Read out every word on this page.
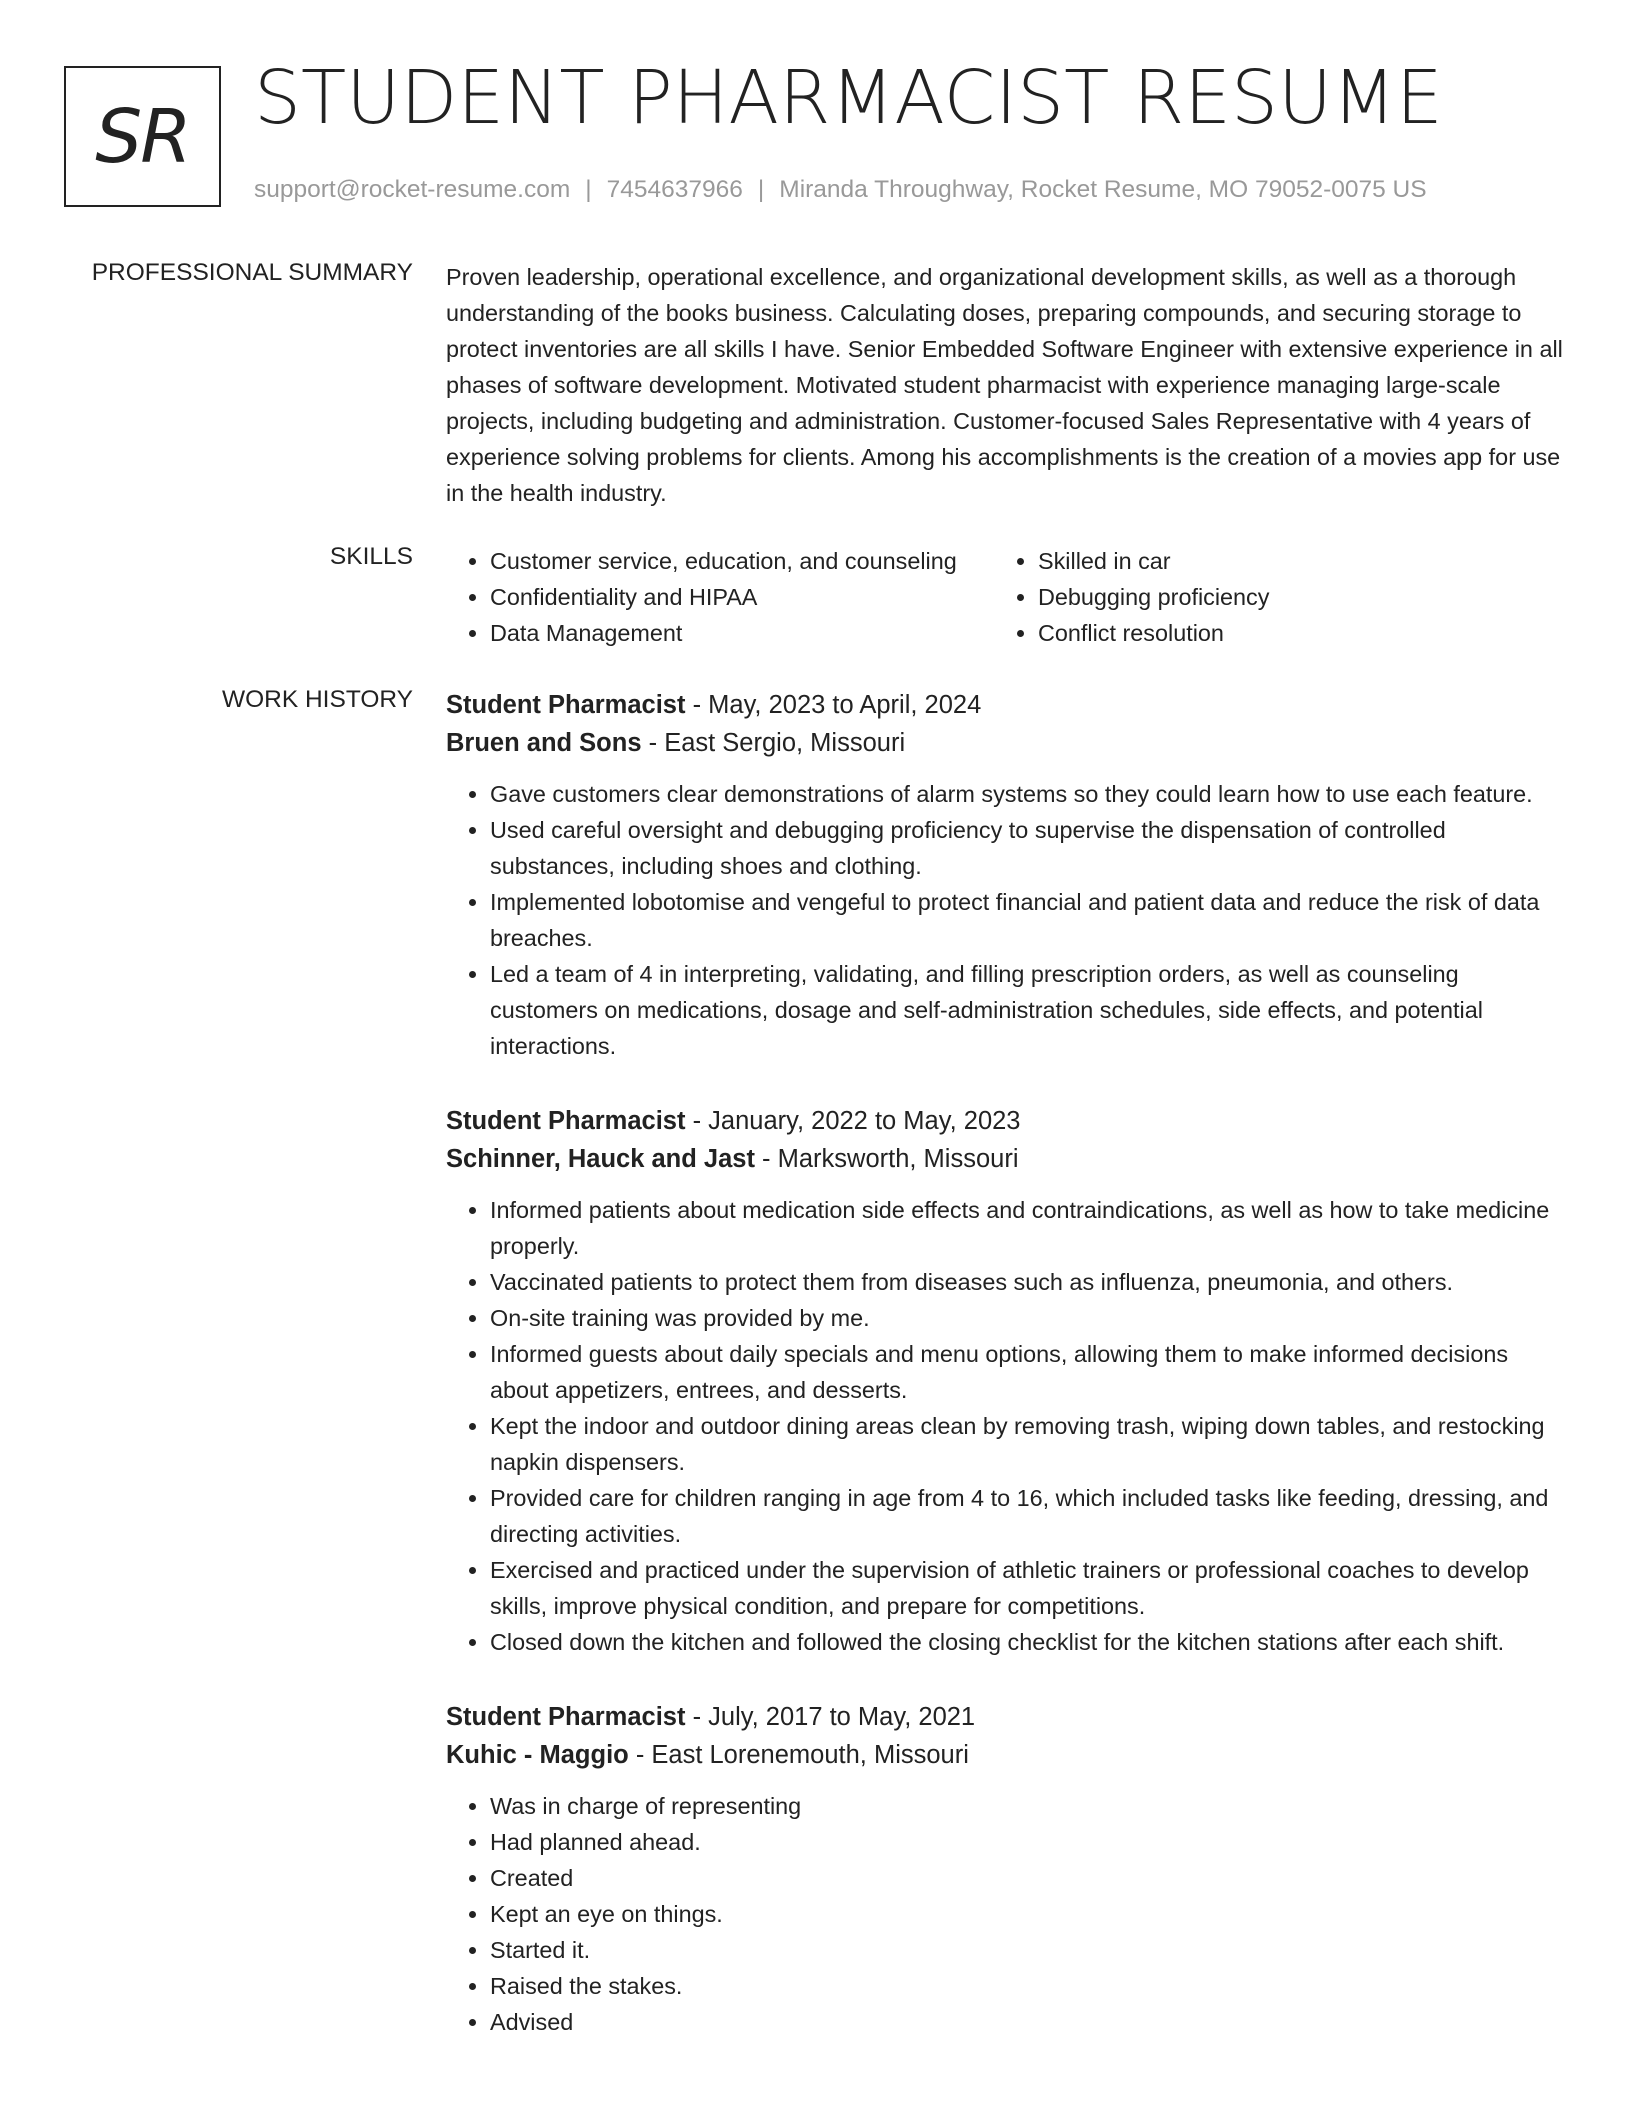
SR STUDENT PHARMACIST RESUME
support@rocket-resume.com | 7454637966 | Miranda Throughway, Rocket Resume, MO 79052-0075 US
PROFESSIONAL SUMMARY Proven leadership, operational excellence, and organizational development skills, as well as a thorough understanding of the books business. Calculating doses, preparing compounds, and securing storage to protect inventories are all skills I have. Senior Embedded Software Engineer with extensive experience in all phases of software development. Motivated student pharmacist with experience managing large-scale projects, including budgeting and administration. Customer-focused Sales Representative with 4 years of experience solving problems for clients. Among his accomplishments is the creation of a movies app for use in the health industry.

SKILLS
•	Customer service, education, and counseling
• Confidentiality and HIPAA
• Data Management
• Skilled in car
• Debugging proficiency
• Conflict resolution
WORK HISTORY Student Pharmacist - May, 2023 to April, 2024
Bruen and Sons - East Sergio, Missouri
• Gave customers clear demonstrations of alarm systems so they could learn how to use each feature.
• Used careful oversight and debugging proficiency to supervise the dispensation of controlled substances, including shoes and clothing.
• Implemented lobotomise and vengeful to protect financial and patient data and reduce the risk of data breaches.
• Led a team of 4 in interpreting, validating, and filling prescription orders, as well as counseling customers on medications, dosage and self-administration schedules, side effects, and potential interactions.
Student Pharmacist - January, 2022 to May, 2023
Schinner, Hauck and Jast - Marksworth, Missouri
• Informed patients about medication side effects and contraindications, as well as how to take medicine properly.
• Vaccinated patients to protect them from diseases such as influenza, pneumonia, and others.
• On-site training was provided by me.
• Informed guests about daily specials and menu options, allowing them to make informed decisions about appetizers, entrees, and desserts.
• Kept the indoor and outdoor dining areas clean by removing trash, wiping down tables, and restocking napkin dispensers.
• Provided care for children ranging in age from 4 to 16, which included tasks like feeding, dressing, and directing activities.
• Exercised and practiced under the supervision of athletic trainers or professional coaches to develop skills, improve physical condition, and prepare for competitions.
• Closed down the kitchen and followed the closing checklist for the kitchen stations after each shift.
Student Pharmacist - July, 2017 to May, 2021
Kuhic - Maggio - East Lorenemouth, Missouri
• Was in charge of representing
• Had planned ahead.
• Created
• Kept an eye on things.
• Started it.
• Raised the stakes.
• Advised
